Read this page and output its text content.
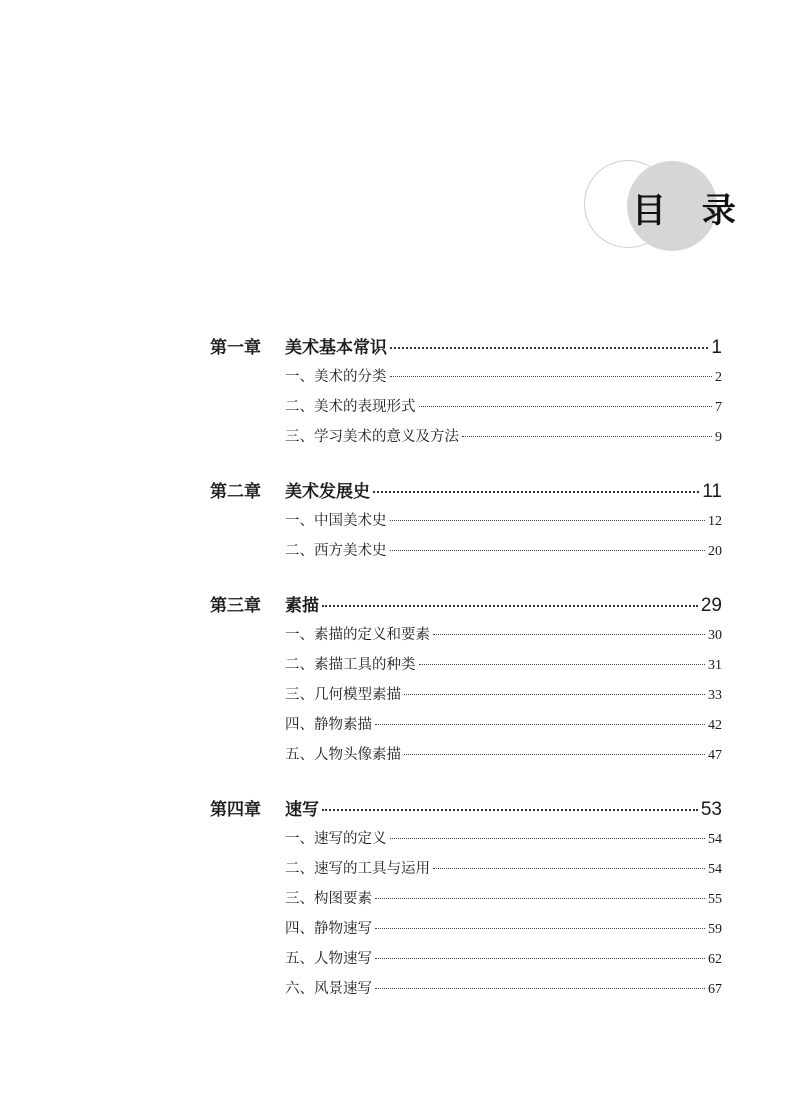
目 录
第一章	美术基本常识	1
一、美术的分类	2
二、美术的表现形式	7
三、学习美术的意义及方法	9
第二章	美术发展史	11
一、中国美术史	12
二、西方美术史	20
第三章	素描	29
一、素描的定义和要素	30
二、素描工具的种类	31
三、几何模型素描	33
四、静物素描	42
五、人物头像素描	47
第四章	速写	53
一、速写的定义	54
二、速写的工具与运用	54
三、构图要素	55
四、静物速写	59
五、人物速写	62
六、风景速写	67
